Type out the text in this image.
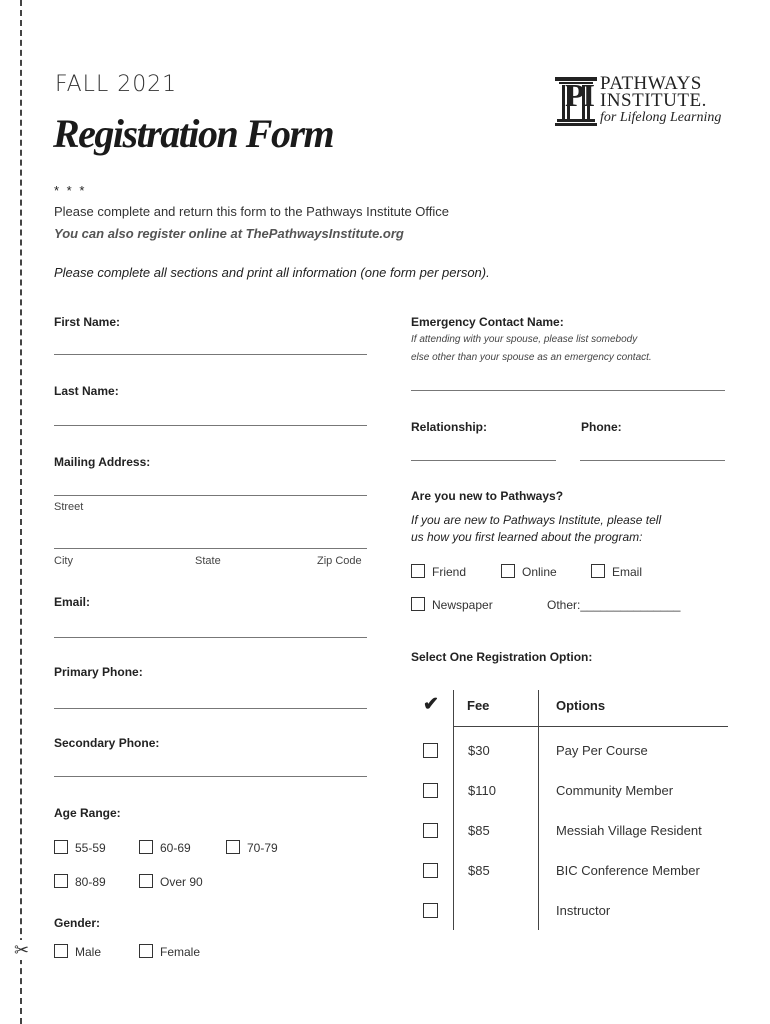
✂
FALL 2021
Registration Form
PI PATHWAYS
INSTITUTE.
for Lifelong Learning
* * *
Please complete and return this form to the Pathways Institute Office
You can also register online at ThePathwaysInstitute.org
Please complete all sections and print all information (one form per person).
First Name:
Last Name:
Mailing Address:
Street
City	State	Zip Code
Email:
Primary Phone:
Secondary Phone:
Age Range:
55-59	60-69	70-79
80-89	Over 90
Gender:
Male	Female
Emergency Contact Name:
If attending with your spouse, please list somebody
else other than your spouse as an emergency contact.
Relationship:	Phone:
Are you new to Pathways?
If you are new to Pathways Institute, please tell
us how you first learned about the program:
Friend	Online	Email
Newspaper	Other:_______________
Select One Registration Option:
✔ Fee	Options
$30	Pay Per Course
$110	Community Member
$85	Messiah Village Resident
$85	BIC Conference Member
Instructor
